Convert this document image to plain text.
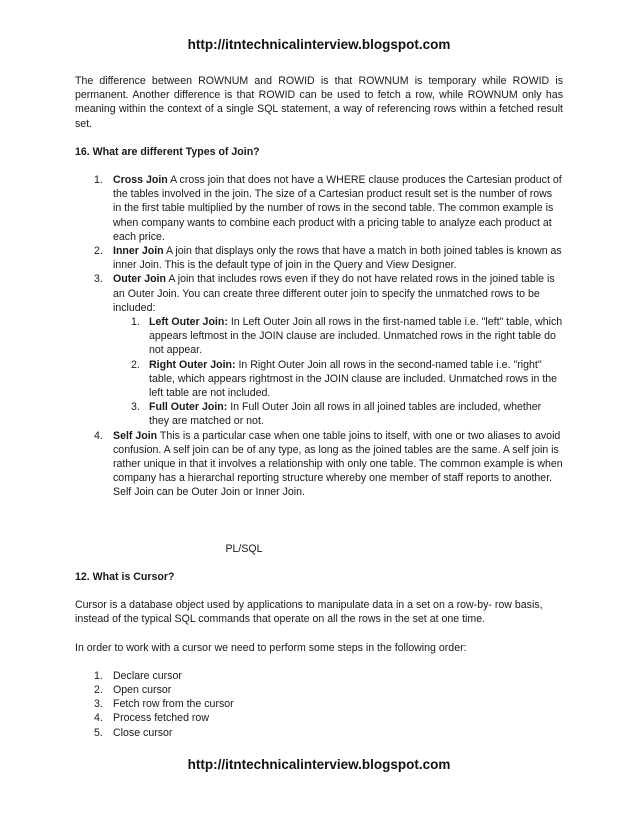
http://itntechnicalinterview.blogspot.com

The difference between ROWNUM and ROWID is that ROWNUM is temporary while ROWID is permanent. Another difference is that ROWID can be used to fetch a row, while ROWNUM only has meaning within the context of a single SQL statement, a way of referencing rows within a fetched result set.

16. What are different Types of Join?

1. Cross Join A cross join that does not have a WHERE clause produces the Cartesian product of the tables involved in the join. The size of a Cartesian product result set is the number of rows in the first table multiplied by the number of rows in the second table. The common example is when company wants to combine each product with a pricing table to analyze each product at each price.
2. Inner Join A join that displays only the rows that have a match in both joined tables is known as inner Join. This is the default type of join in the Query and View Designer.
3. Outer Join A join that includes rows even if they do not have related rows in the joined table is an Outer Join. You can create three different outer join to specify the unmatched rows to be included:
1. Left Outer Join: In Left Outer Join all rows in the first-named table i.e. "left" table, which appears leftmost in the JOIN clause are included. Unmatched rows in the right table do not appear.
2. Right Outer Join: In Right Outer Join all rows in the second-named table i.e. "right" table, which appears rightmost in the JOIN clause are included. Unmatched rows in the left table are not included.
3. Full Outer Join: In Full Outer Join all rows in all joined tables are included, whether they are matched or not.
4. Self Join This is a particular case when one table joins to itself, with one or two aliases to avoid confusion. A self join can be of any type, as long as the joined tables are the same. A self join is rather unique in that it involves a relationship with only one table. The common example is when company has a hierarchal reporting structure whereby one member of staff reports to another. Self Join can be Outer Join or Inner Join.

PL/SQL

12. What is Cursor?

Cursor is a database object used by applications to manipulate data in a set on a row-by- row basis, instead of the typical SQL commands that operate on all the rows in the set at one time.

In order to work with a cursor we need to perform some steps in the following order:

1. Declare cursor
2. Open cursor
3. Fetch row from the cursor
4. Process fetched row
5. Close cursor
http://itntechnicalinterview.blogspot.com
